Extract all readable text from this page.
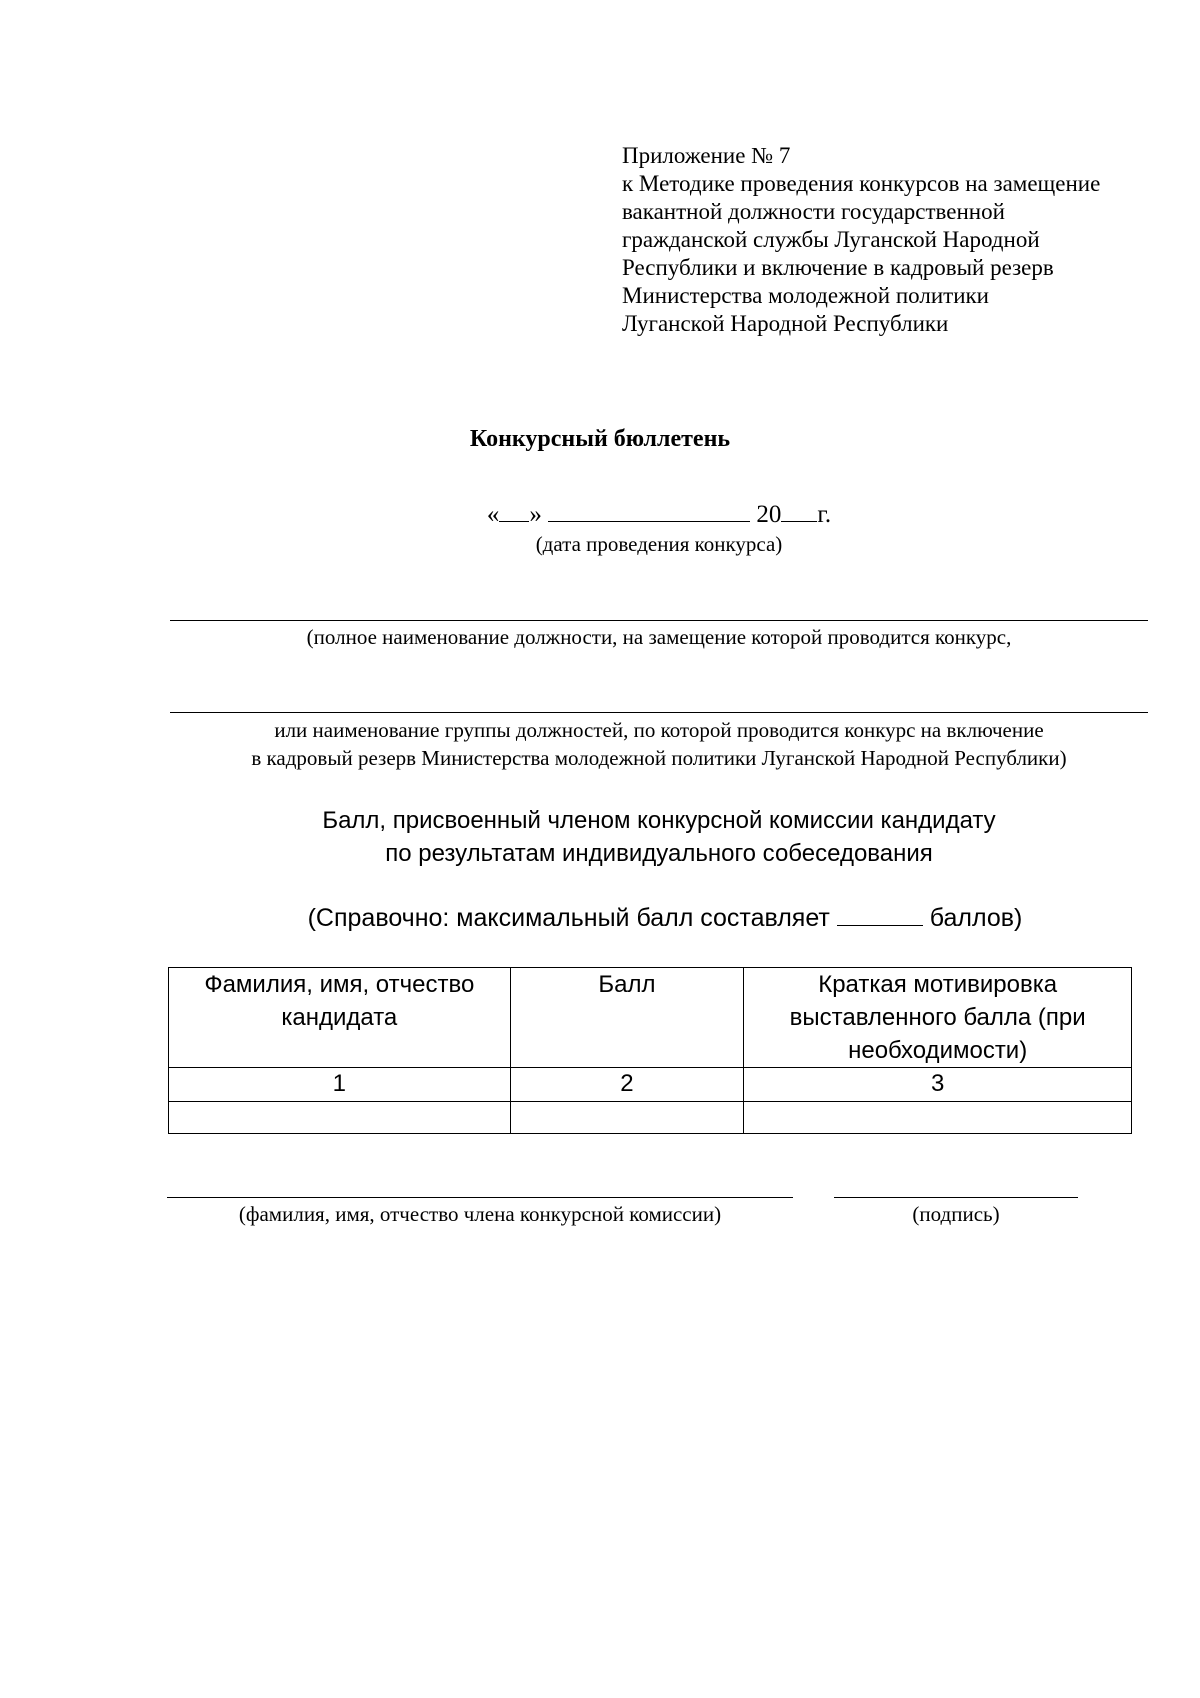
Приложение № 7
к Методике проведения конкурсов на замещение
вакантной должности государственной
гражданской службы Луганской Народной
Республики и включение в кадровый резерв
Министерства молодежной политики
Луганской Народной Республики
Конкурсный бюллетень
« »	20 г.
(дата проведения конкурса)
(полное наименование должности, на замещение которой проводится конкурс,
или наименование группы должностей, по которой проводится конкурс на включение
в кадровый резерв Министерства молодежной политики Луганской Народной Республики)
Балл, присвоенный членом конкурсной комиссии кандидату
по результатам индивидуального собеседования
(Справочно: максимальный балл составляет	баллов)
Фамилия, имя, отчество кандидата	Балл	Краткая мотивировка выставленного балла (при необходимости)
1	2	3

(фамилия, имя, отчество члена конкурсной комиссии)	(подпись)
